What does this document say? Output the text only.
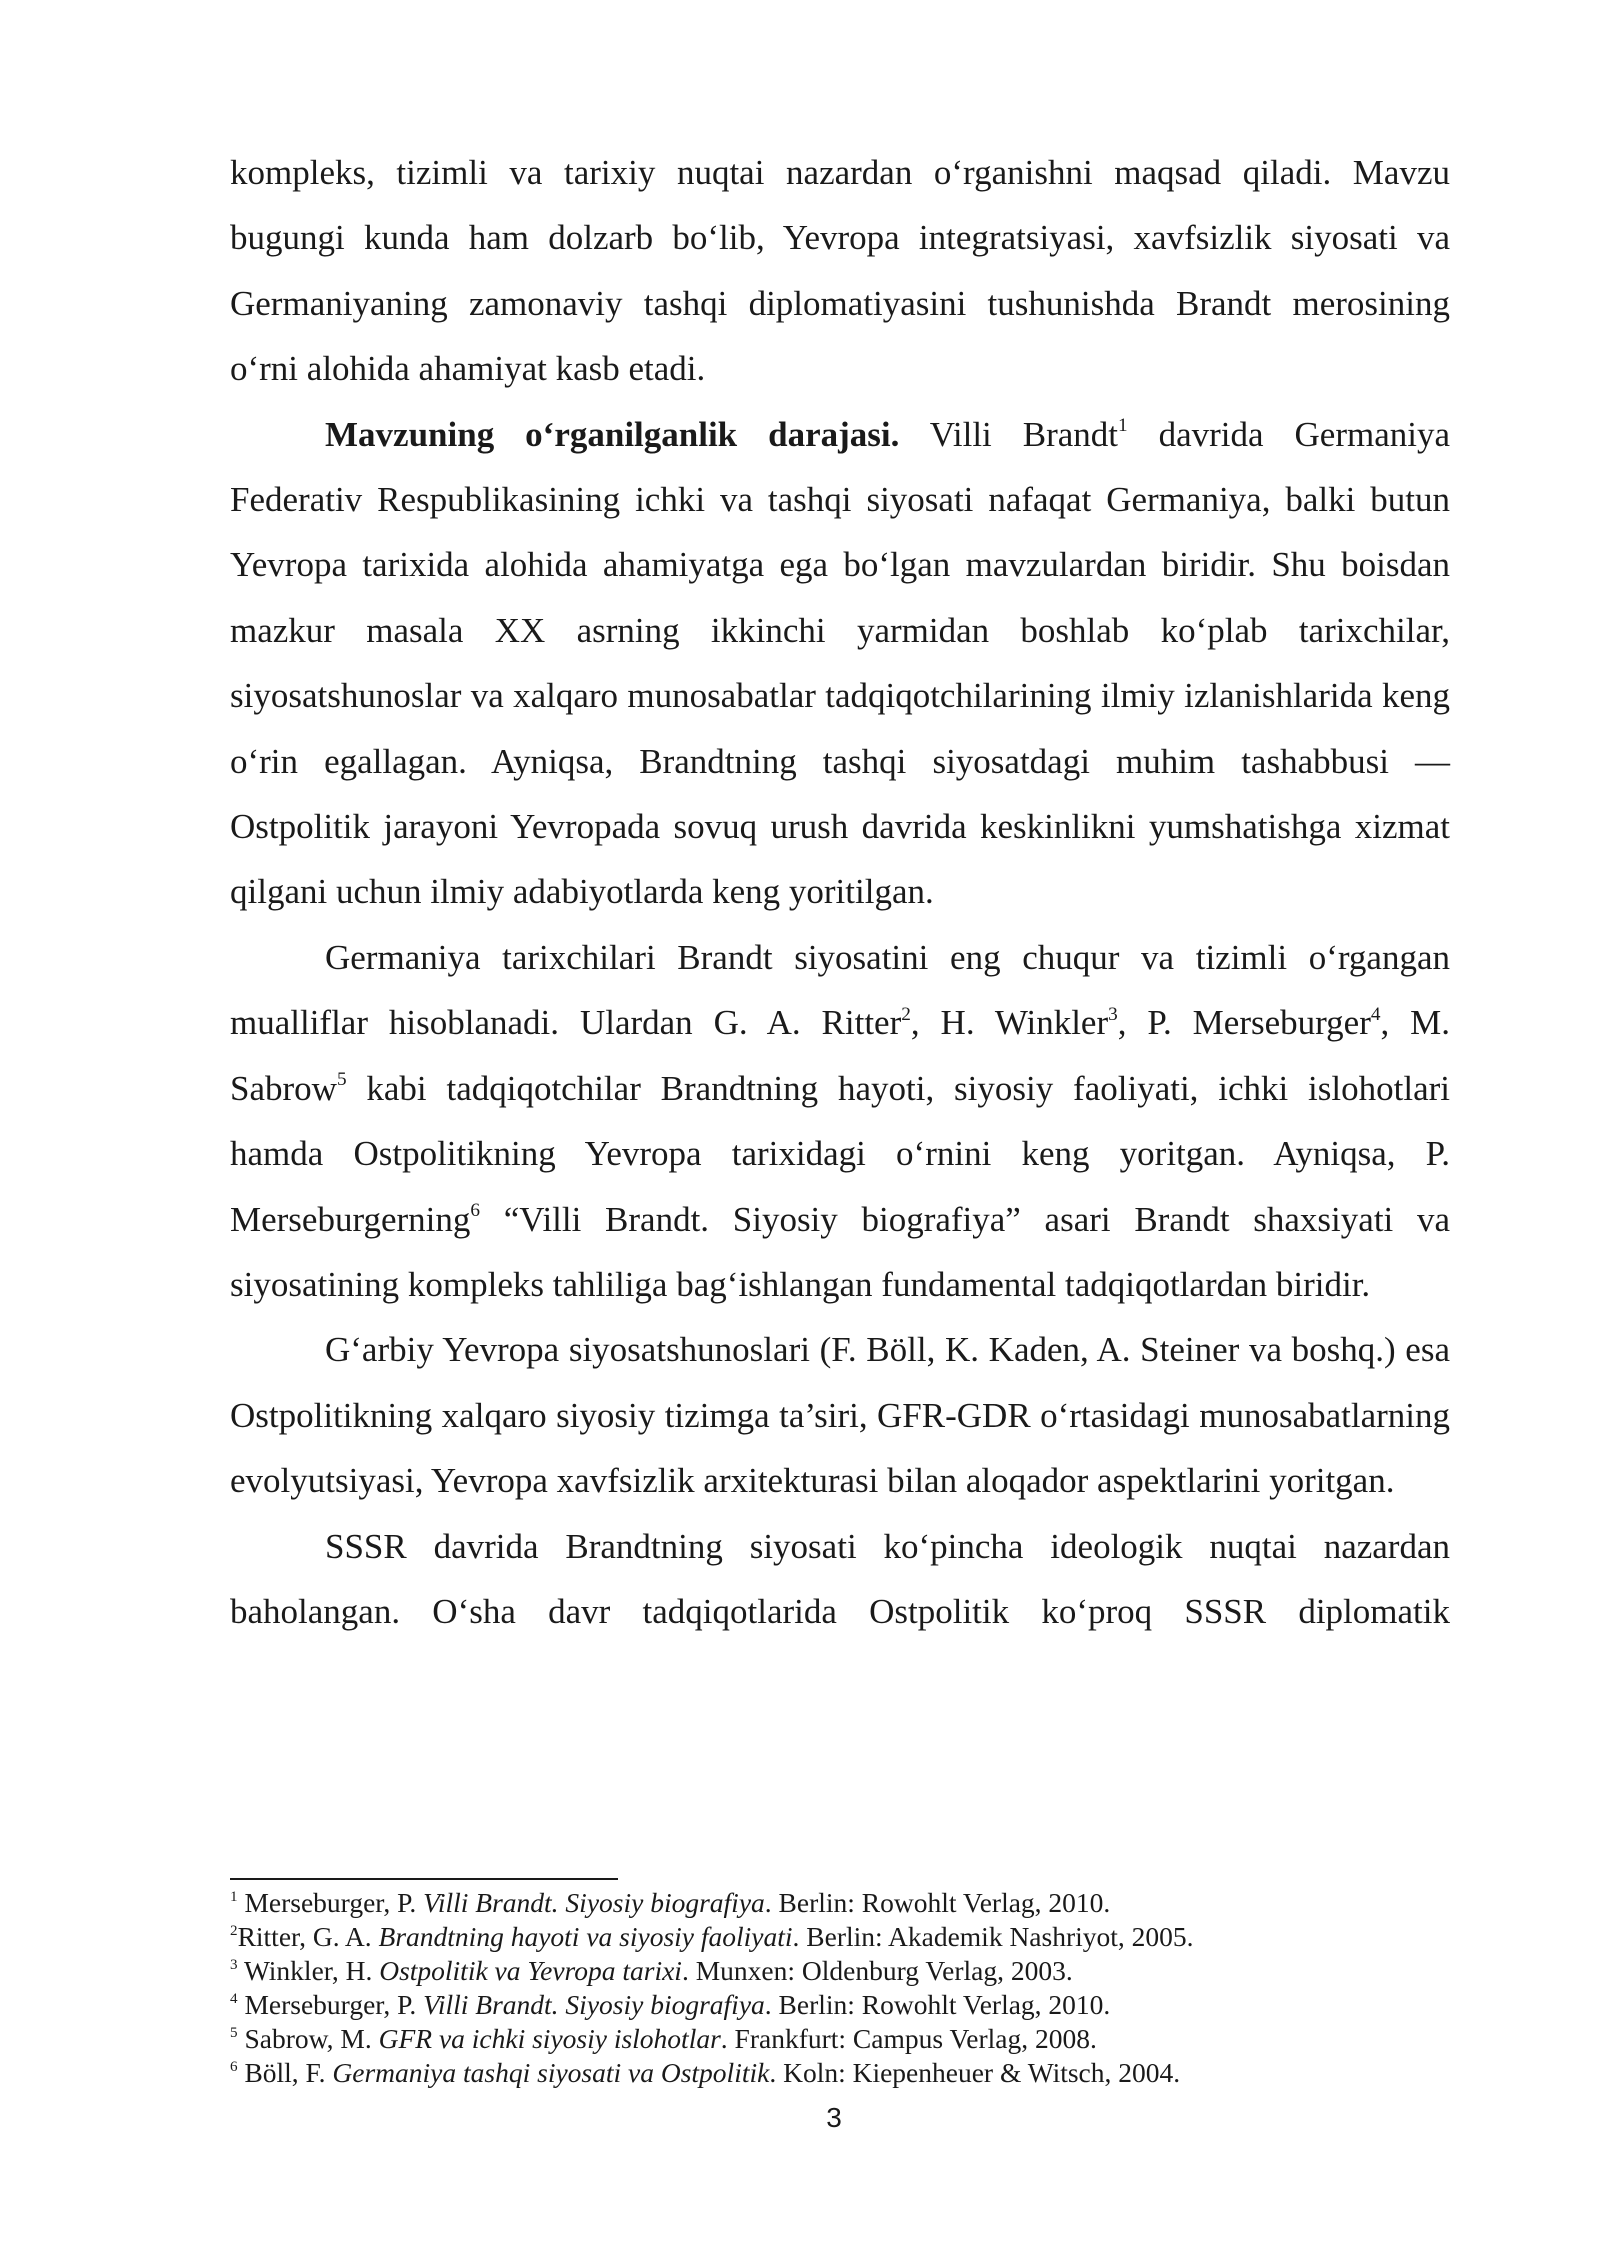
kompleks, tizimli va tarixiy nuqtai nazardan o‘rganishni maqsad qiladi. Mavzu bugungi kunda ham dolzarb bo‘lib, Yevropa integratsiyasi, xavfsizlik siyosati va Germaniyaning zamonaviy tashqi diplomatiyasini tushunishda Brandt merosining o‘rni alohida ahamiyat kasb etadi.

Mavzuning o‘rganilganlik darajasi. Villi Brandt$^1$ davrida Germaniya Federativ Respublikasining ichki va tashqi siyosati nafaqat Germaniya, balki butun Yevropa tarixida alohida ahamiyatga ega bo‘lgan mavzulardan biridir. Shu boisdan mazkur masala XX asrning ikkinchi yarmidan boshlab ko‘plab tarixchilar, siyosatshunoslar va xalqaro munosabatlar tadqiqotchilarining ilmiy izlanishlarida keng o‘rin egallagan. Ayniqsa, Brandtning tashqi siyosatdagi muhim tashabbusi — Ostpolitik jarayoni Yevropada sovuq urush davrida keskinlikni yumshatishga xizmat qilgani uchun ilmiy adabiyotlarda keng yoritilgan.

Germaniya tarixchilari Brandt siyosatini eng chuqur va tizimli o‘rgangan mualliflar hisoblanadi. Ulardan G. A. Ritter$^2$, H. Winkler$^3$, P. Merseburger$^4$, M. Sabrow$^5$ kabi tadqiqotchilar Brandtning hayoti, siyosiy faoliyati, ichki islohotlari hamda Ostpolitikning Yevropa tarixidagi o‘rnini keng yoritgan. Ayniqsa, P. Merseburgerning$^6$ “Villi Brandt. Siyosiy biografiya” asari Brandt shaxsiyati va siyosatining kompleks tahliliga bag‘ishlangan fundamental tadqiqotlardan biridir.

G‘arbiy Yevropa siyosatshunoslari (F. Böll, K. Kaden, A. Steiner va boshq.) esa Ostpolitikning xalqaro siyosiy tizimga ta’siri, GFR-GDR o‘rtasidagi munosabatlarning evolyutsiyasi, Yevropa xavfsizlik arxitekturasi bilan aloqador aspektlarini yoritgan.

SSSR davrida Brandtning siyosati ko‘pincha ideologik nuqtai nazardan baholangan. O‘sha davr tadqiqotlarida Ostpolitik ko‘proq SSSR diplomatik

$^1$ Merseburger, P. Villi Brandt. Siyosiy biografiya. Berlin: Rowohlt Verlag, 2010.

$^2$Ritter, G. A. Brandtning hayoti va siyosiy faoliyati. Berlin: Akademik Nashriyot, 2005.

$^3$ Winkler, H. Ostpolitik va Yevropa tarixi. Munxen: Oldenburg Verlag, 2003.

$^4$ Merseburger, P. Villi Brandt. Siyosiy biografiya. Berlin: Rowohlt Verlag, 2010.

$^5$ Sabrow, M. GFR va ichki siyosiy islohotlar. Frankfurt: Campus Verlag, 2008.

$^6$ Böll, F. Germaniya tashqi siyosati va Ostpolitik. Koln: Kiepenheuer & Witsch, 2004.

3
